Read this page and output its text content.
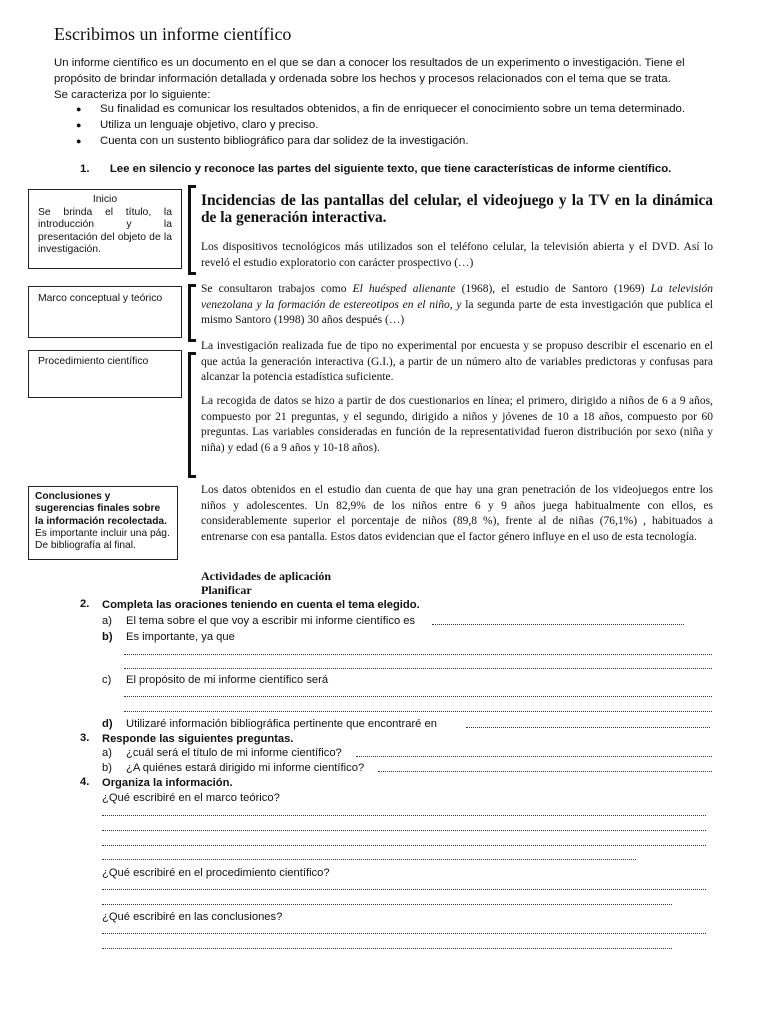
Escribimos un informe científico
Un informe científico es un documento en el que se dan a conocer los resultados de un experimento o investigación. Tiene el propósito de brindar información detallada y ordenada sobre los hechos y procesos relacionados con el tema que se trata.
Se caracteriza por lo siguiente:
● Su finalidad es comunicar los resultados obtenidos, a fin de enriquecer el conocimiento sobre un tema determinado.
● Utiliza un lenguaje objetivo, claro y preciso.
● Cuenta con un sustento bibliográfico para dar solidez de la investigación.
1. Lee en silencio y reconoce las partes del siguiente texto, que tiene características de informe científico.
Inicio
Se brinda el título, la introducción y la presentación del objeto de la investigación.
Marco conceptual y teórico
Procedimiento científico
Conclusiones y sugerencias finales sobre la información recolectada.
Es importante incluir una pág. De bibliografía al final.
Incidencias de las pantallas del celular, el videojuego y la TV en la dinámica de la generación interactiva.
Los dispositivos tecnológicos más utilizados son el teléfono celular, la televisión abierta y el DVD. Así lo reveló el estudio exploratorio con carácter prospectivo (…)
Se consultaron trabajos como El huésped alienante (1968), el estudio de Santoro (1969) La televisión venezolana y la formación de estereotipos en el niño, y la segunda parte de esta investigación que publica el mismo Santoro (1998) 30 años después (…)
La investigación realizada fue de tipo no experimental por encuesta y se propuso describir el escenario en el que actúa la generación interactiva (G.I.), a partir de un número alto de variables predictoras y confusas para alcanzar la potencia estadística suficiente.
La recogida de datos se hizo a partir de dos cuestionarios en línea; el primero, dirigido a niños de 6 a 9 años, compuesto por 21 preguntas, y el segundo, dirigido a niños y jóvenes de 10 a 18 años, compuesto por 60 preguntas. Las variables consideradas en función de la representatividad fueron distribución por sexo (niña y niña) y edad (6 a 9 años y 10-18 años).
Los datos obtenidos en el estudio dan cuenta de que hay una gran penetración de los videojuegos entre los niños y adolescentes. Un 82,9% de los niños entre 6 y 9 años juega habitualmente con ellos, es considerablemente superior el porcentaje de niños (89,8 %), frente al de niñas (76,1%) , habituados a entrenarse con esa pantalla. Estos datos evidencian que el factor género influye en el uso de esta tecnología.
Actividades de aplicación
Planificar
2. Completa las oraciones teniendo en cuenta el tema elegido.
a) El tema sobre el que voy a escribir mi informe científico es
b) Es importante, ya que
c) El propósito de mi informe científico será
d) Utilizaré información bibliográfica pertinente que encontraré en
3. Responde las siguientes preguntas.
a) ¿cuál será el título de mi informe científico?
b) ¿A quiénes estará dirigido mi informe científico?
4. Organiza la información.
¿Qué escribiré en el marco teórico?
¿Qué escribiré en el procedimiento científico?
¿Qué escribiré en las conclusiones?
